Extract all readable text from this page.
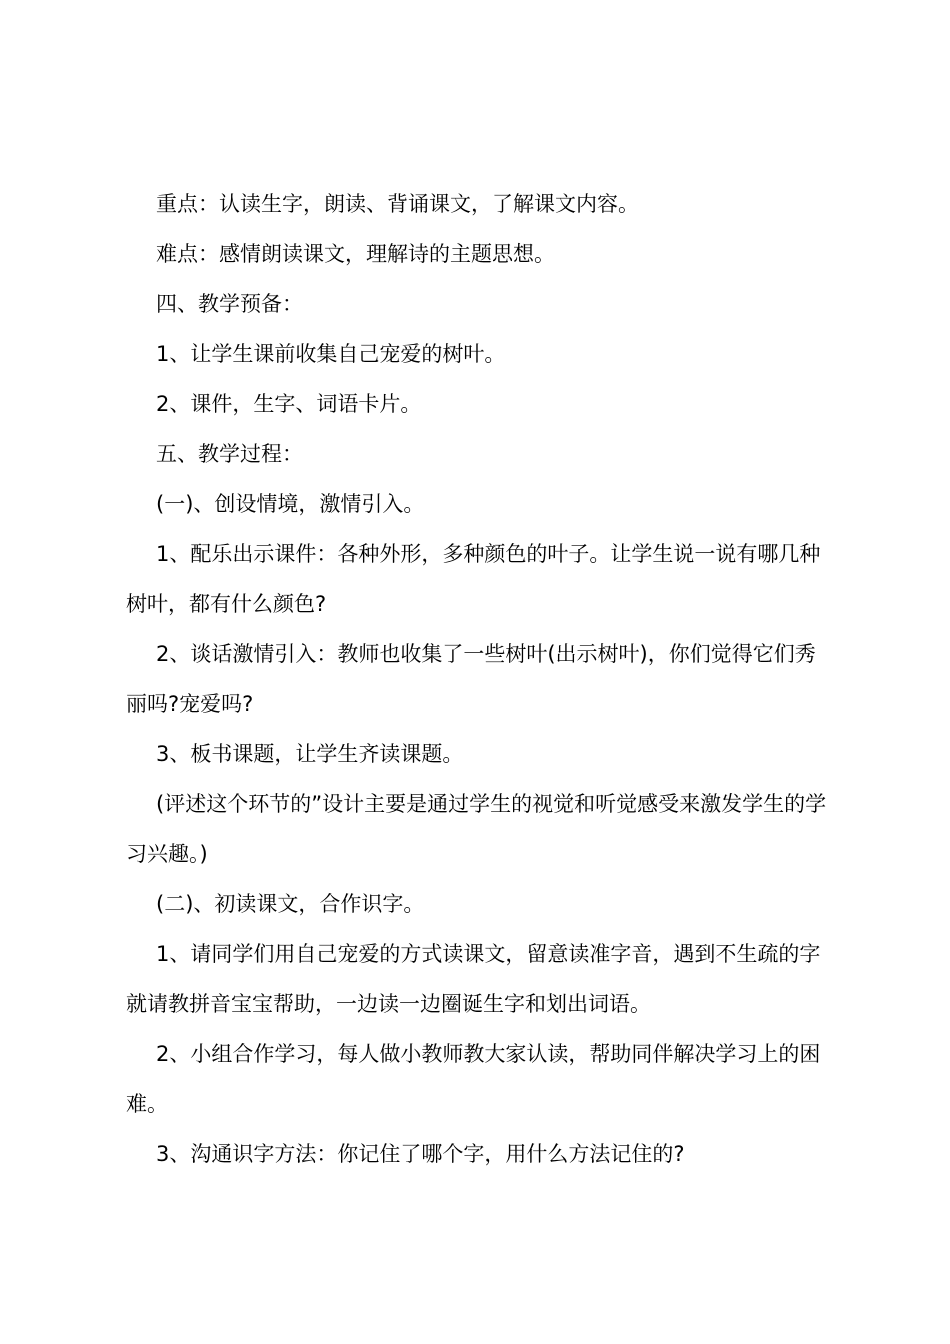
重点：认读生字，朗读、背诵课文，了解课文内容。

难点：感情朗读课文，理解诗的主题思想。

四、教学预备：

1、让学生课前收集自己宠爱的树叶。

2、课件，生字、词语卡片。

五、教学过程：

(一)、创设情境，激情引入。

1、配乐出示课件：各种外形，多种颜色的叶子。让学生说一说有哪几种树叶，都有什么颜色?

2、谈话激情引入：教师也收集了一些树叶(出示树叶)，你们觉得它们秀丽吗?宠爱吗?

3、板书课题，让学生齐读课题。

(评述这个环节的”设计主要是通过学生的视觉和听觉感受来激发学生的学习兴趣。)

(二)、初读课文，合作识字。

1、请同学们用自己宠爱的方式读课文，留意读准字音，遇到不生疏的字就请教拼音宝宝帮助，一边读一边圈诞生字和划出词语。

2、小组合作学习，每人做小教师教大家认读，帮助同伴解决学习上的困难。

3、沟通识字方法：你记住了哪个字，用什么方法记住的?
